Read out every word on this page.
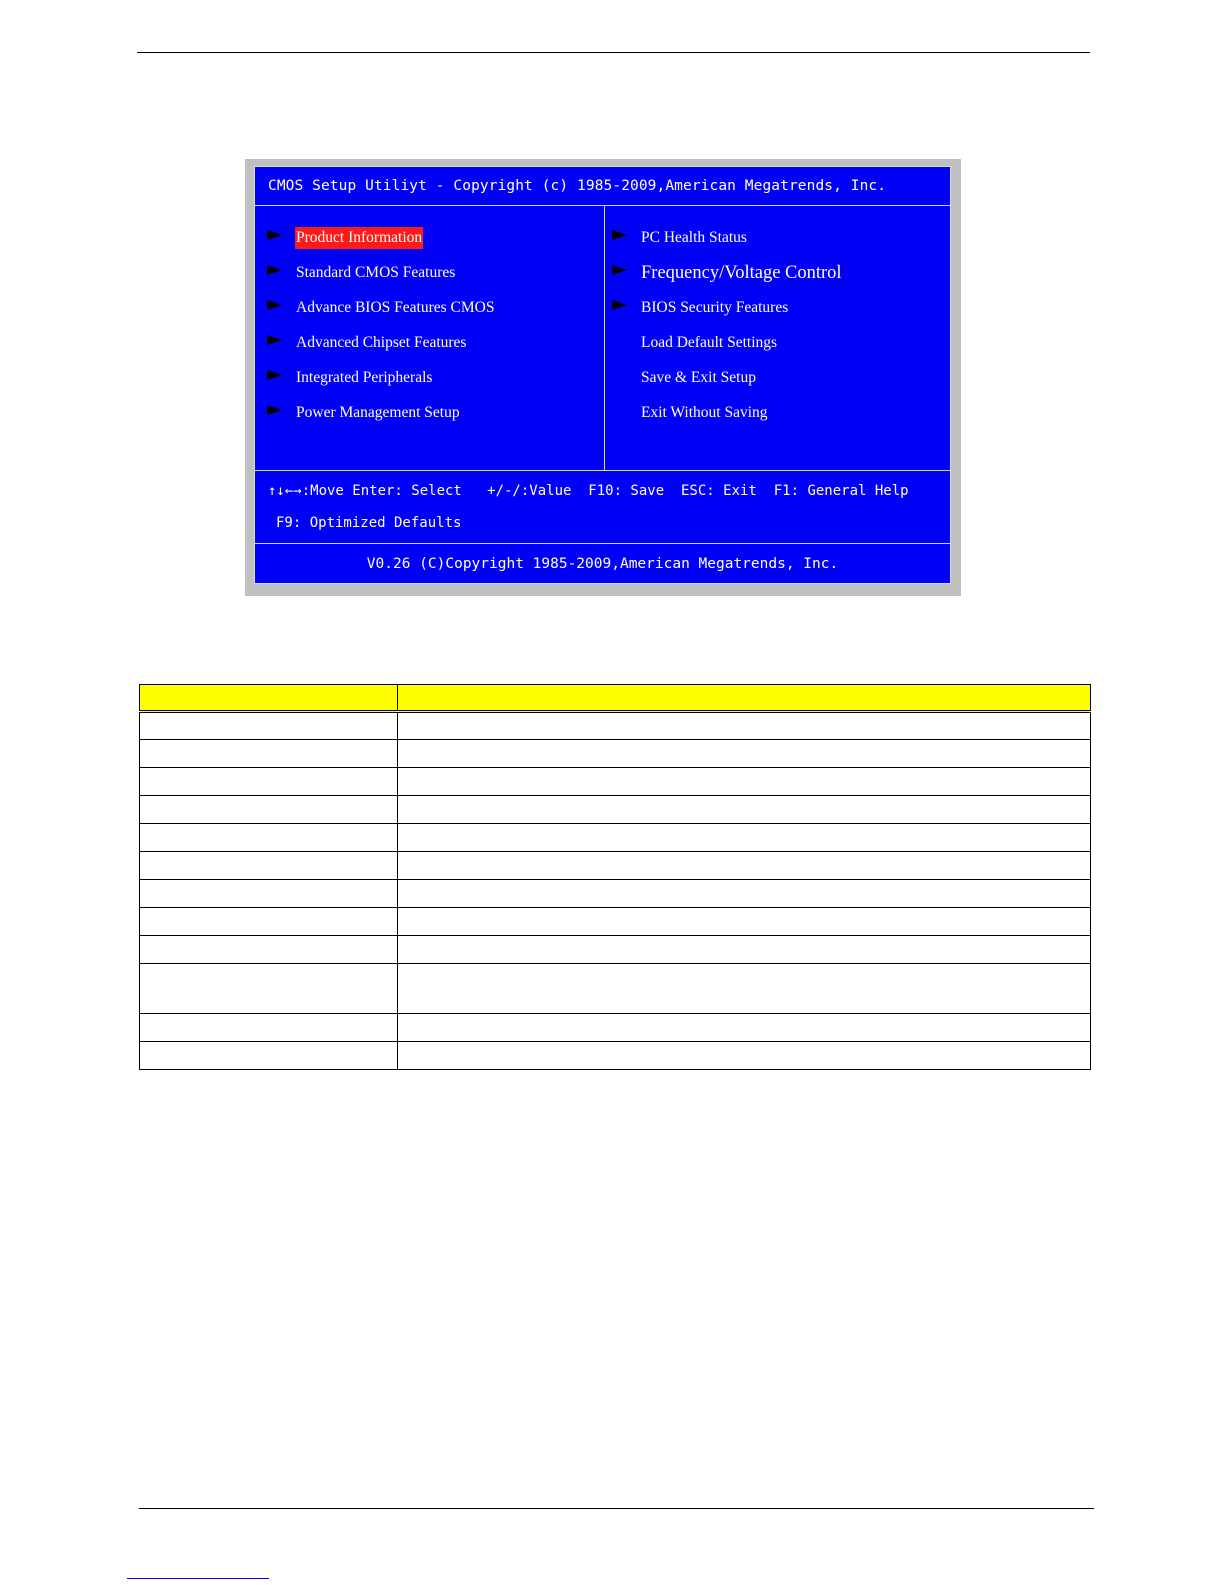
CMOS Setup Utiliyt - Copyright (c) 1985-2009,American Megatrends, Inc.
Product Information
Standard CMOS Features
Advance BIOS Features CMOS
Advanced Chipset Features
Integrated Peripherals
Power Management Setup
PC Health Status
Frequency/Voltage Control
BIOS Security Features
Load Default Settings
Save & Exit Setup
Exit Without Saving
↑↓←→:Move Enter: Select   +/-/:Value  F10: Save  ESC: Exit  F1: General Help
F9: Optimized Defaults
V0.26 (C)Copyright 1985-2009,American Megatrends, Inc.
